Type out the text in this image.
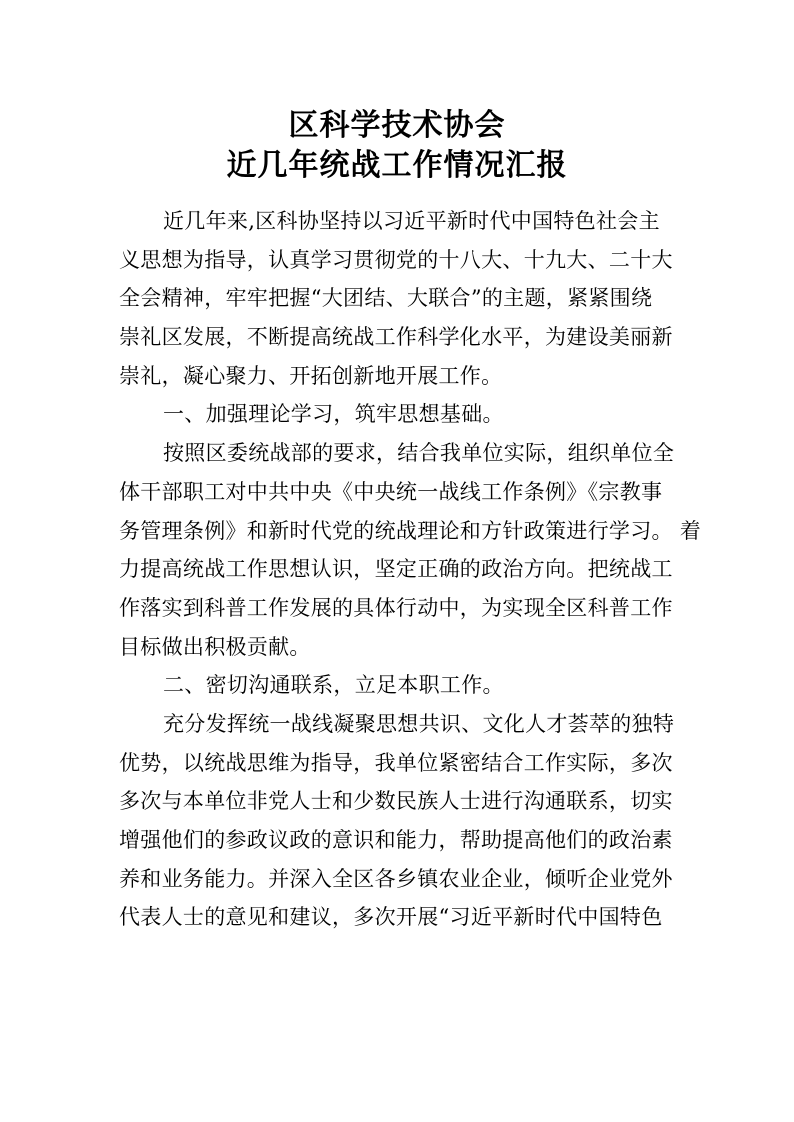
区科学技术协会
近几年统战工作情况汇报
近几年来,区科协坚持以习近平新时代中国特色社会主
义思想为指导，认真学习贯彻党的十八大、十九大、二十大
全会精神，牢牢把握“大团结、大联合”的主题，紧紧围绕
崇礼区发展，不断提高统战工作科学化水平，为建设美丽新
崇礼，凝心聚力、开拓创新地开展工作。
一、加强理论学习，筑牢思想基础。
按照区委统战部的要求，结合我单位实际，组织单位全
体干部职工对中共中央《中央统一战线工作条例》《宗教事
务管理条例》和新时代党的统战理论和方针政策进行学习。 着
力提高统战工作思想认识，坚定正确的政治方向。把统战工
作落实到科普工作发展的具体行动中，为实现全区科普工作
目标做出积极贡献。
二、密切沟通联系，立足本职工作。
充分发挥统一战线凝聚思想共识、文化人才荟萃的独特
优势，以统战思维为指导，我单位紧密结合工作实际，多次
多次与本单位非党人士和少数民族人士进行沟通联系，切实
增强他们的参政议政的意识和能力，帮助提高他们的政治素
养和业务能力。并深入全区各乡镇农业企业，倾听企业党外
代表人士的意见和建议，多次开展“习近平新时代中国特色
